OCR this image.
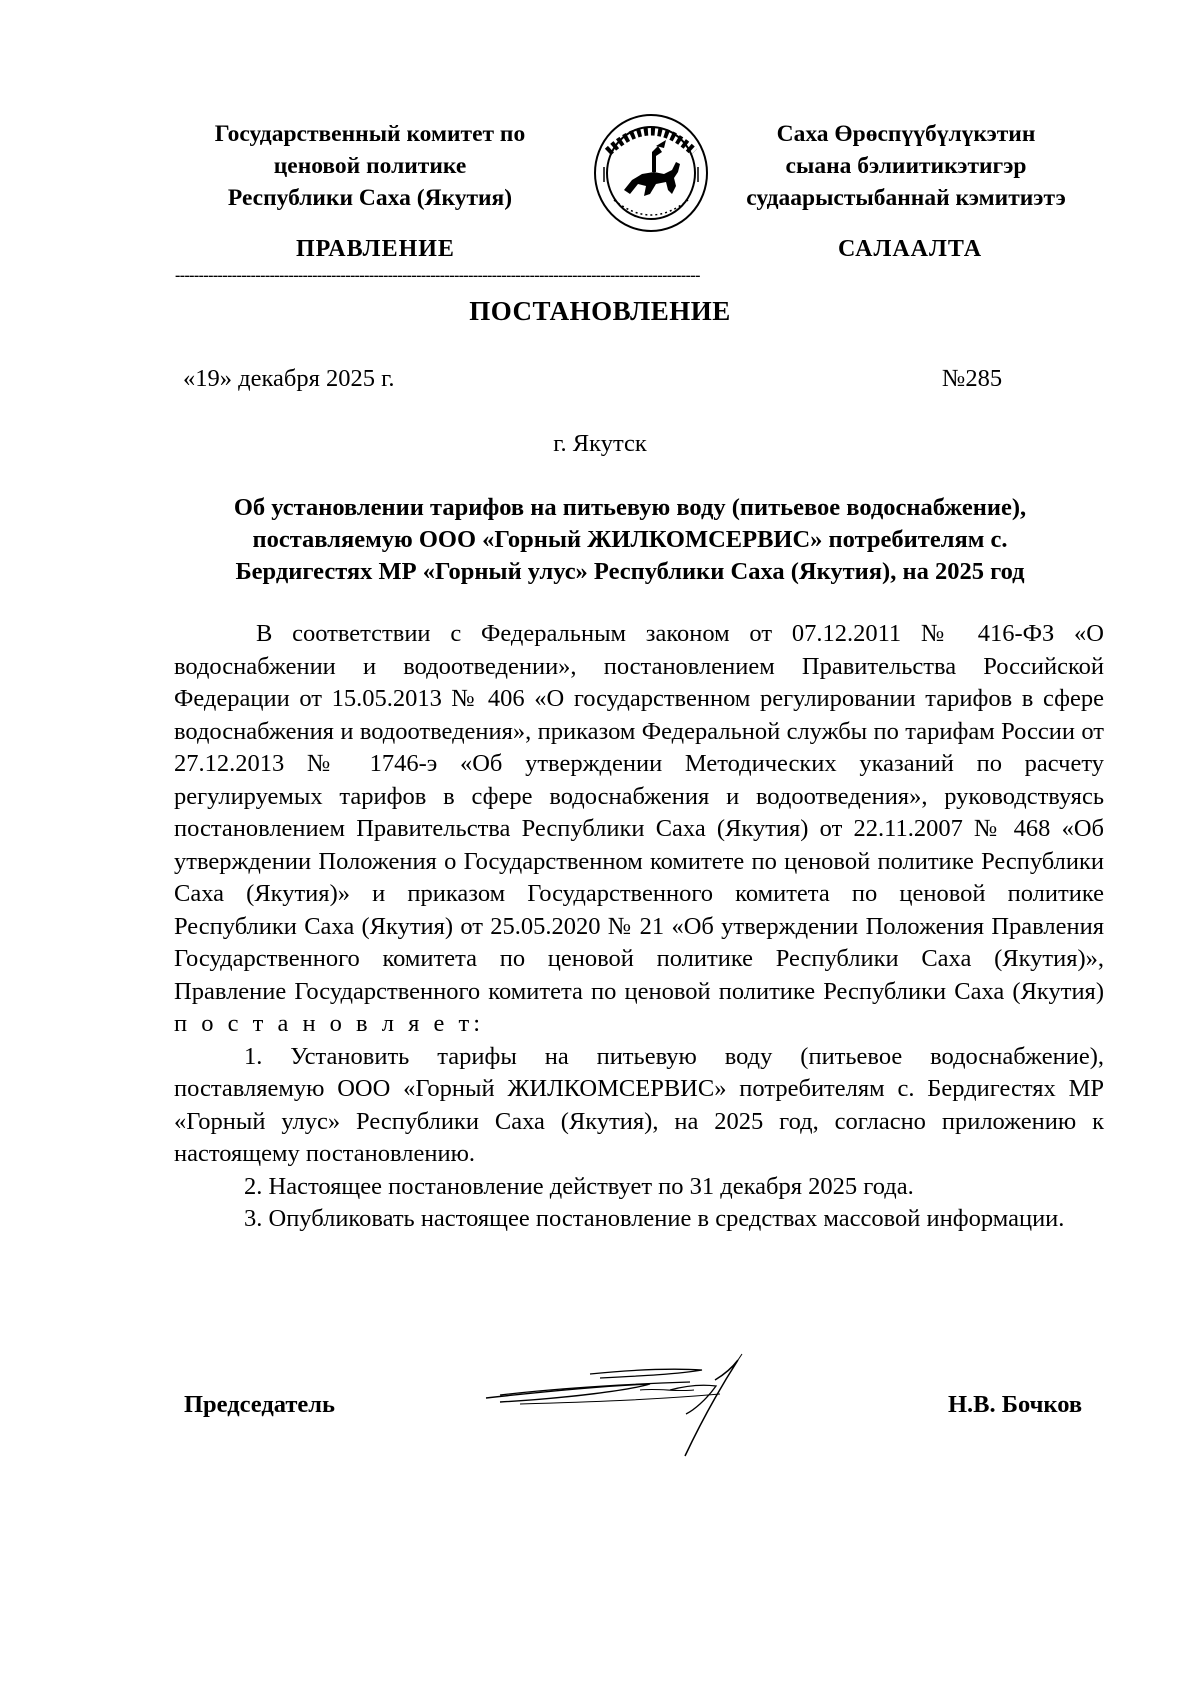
Государственный комитет по
ценовой политике
Республики Саха (Якутия)
Саха Өрөспүүбүлүкэтин
сыана бэлиитикэтигэр
судаарыстыбаннай кэмитиэтэ
ПРАВЛЕНИЕ	САЛААЛТА
---------------------------------------------------------------------------------------------------------------
ПОСТАНОВЛЕНИЕ
«19» декабря 2025 г.	№285
г. Якутск
Об установлении тарифов на питьевую воду (питьевое водоснабжение),
поставляемую ООО «Горный ЖИЛКОМСЕРВИС» потребителям с.
Бердигестях МР «Горный улус» Республики Саха (Якутия), на 2025 год

В соответствии с Федеральным законом от 07.12.2011 № 416-ФЗ «О водоснабжении и водоотведении», постановлением Правительства Российской Федерации от 15.05.2013 № 406 «О государственном регулировании тарифов в сфере водоснабжения и водоотведения», приказом Федеральной службы по тарифам России от 27.12.2013 № 1746-э «Об утверждении Методических указаний по расчету регулируемых тарифов в сфере водоснабжения и водоотведения», руководствуясь постановлением Правительства Республики Саха (Якутия) от 22.11.2007 № 468 «Об утверждении Положения о Государственном комитете по ценовой политике Республики Саха (Якутия)» и приказом Государственного комитета по ценовой политике Республики Саха (Якутия) от 25.05.2020 № 21 «Об утверждении Положения Правления Государственного комитета по ценовой политике Республики Саха (Якутия)», Правление Государственного комитета по ценовой политике Республики Саха (Якутия) п о с т а н о в л я е т:

1. Установить тарифы на питьевую воду (питьевое водоснабжение), поставляемую ООО «Горный ЖИЛКОМСЕРВИС» потребителям с. Бердигестях МР «Горный улус» Республики Саха (Якутия), на 2025 год, согласно приложению к настоящему постановлению.

2. Настоящее постановление действует по 31 декабря 2025 года.

3. Опубликовать настоящее постановление в средствах массовой информации.

Председатель	Н.В. Бочков
